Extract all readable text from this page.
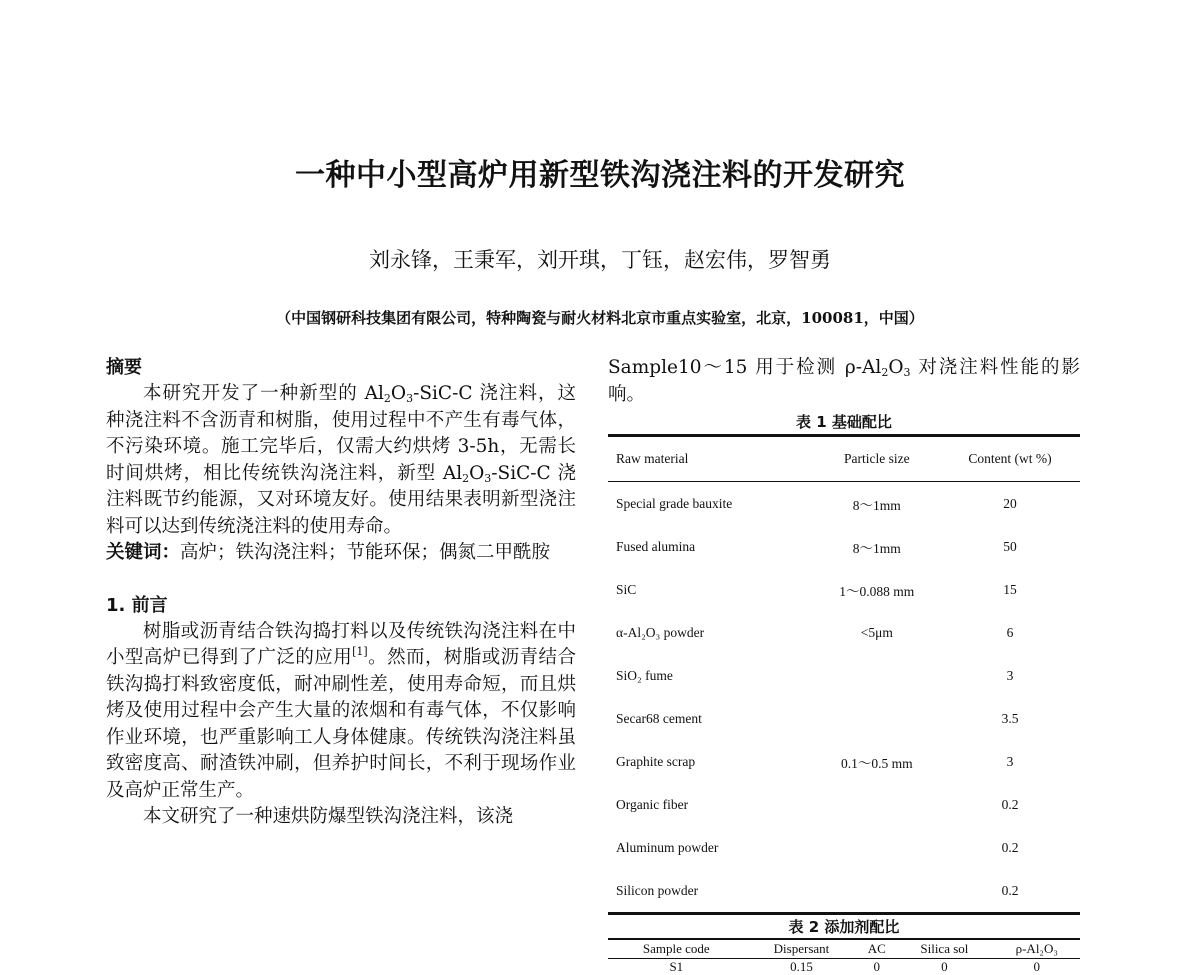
一种中小型高炉用新型铁沟浇注料的开发研究
刘永锋，王秉军，刘开琪，丁钰，赵宏伟，罗智勇
（中国钢研科技集团有限公司，特种陶瓷与耐火材料北京市重点实验室，北京，100081，中国）
摘要
本研究开发了一种新型的 $Al_2O_3-SiC-C$ 浇注料，这种浇注料不含沥青和树脂，使用过程中不产生有毒气体，不污染环境。施工完毕后，仅需大约烘烤 3-5h，无需长时间烘烤，相比传统铁沟浇注料，新型 $Al_2O_3-SiC-C$ 浇注料既节约能源，又对环境友好。使用结果表明新型浇注料可以达到传统浇注料的使用寿命。
关键词：高炉；铁沟浇注料；节能环保；偶氮二甲酰胺
1. 前言
树脂或沥青结合铁沟捣打料以及传统铁沟浇注料在中小型高炉已得到了广泛的应用[1]。然而，树脂或沥青结合铁沟捣打料致密度低，耐冲刷性差，使用寿命短，而且烘烤及使用过程中会产生大量的浓烟和有毒气体，不仅影响作业环境，也严重影响工人身体健康。传统铁沟浇注料虽致密度高、耐渣铁冲刷，但养护时间长，不利于现场作业及高炉正常生产。
本文研究了一种速烘防爆型铁沟浇注料，该浇
Sample10～15 用于检测 $\rho-Al_2O_3$ 对浇注料性能的影响。
表 1 基础配比
Raw material	Particle size	Content (wt %)
Special grade bauxite	8～1mm	20
Fused alumina	8～1mm	50
SiC	1～0.088 mm	15
α-Al₂O₃ powder	<5μm	6
SiO₂ fume		3
Secar68 cement		3.5
Graphite scrap	0.1～0.5 mm	3
Organic fiber		0.2
Aluminum powder		0.2
Silicon powder		0.2
表 2 添加剂配比
Sample code	Dispersant	AC	Silica sol	ρ-Al₂O₃
S1	0.15	0	0	0
